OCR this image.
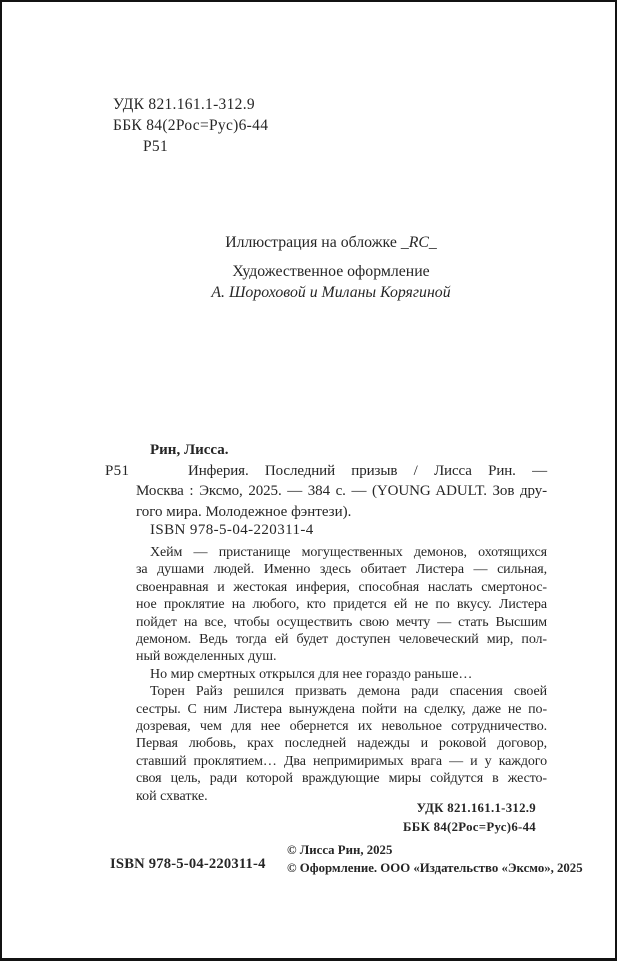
УДК 821.161.1-312.9
ББК 84(2Рос=Рус)6-44
Р51
Иллюстрация на обложке _RC_
Художественное оформление
А. Шороховой и Миланы Корягиной
Рин, Лисса.
Р51	Инферия. Последний призыв / Лисса Рин. —
Москва : Эксмо, 2025. — 384 с. — (YOUNG ADULT. Зов дру-
гого мира. Молодежное фэнтези).
ISBN 978-5-04-220311-4
Хейм — пристанище могущественных демонов, охотящихся
за душами людей. Именно здесь обитает Листера — сильная,
своенравная и жестокая инферия, способная наслать смертонос-
ное проклятие на любого, кто придется ей не по вкусу. Листера
пойдет на все, чтобы осуществить свою мечту — стать Высшим
демоном. Ведь тогда ей будет доступен человеческий мир, пол-
ный вожделенных душ.
Но мир смертных открылся для нее гораздо раньше…
Торен Райз решился призвать демона ради спасения своей
сестры. С ним Листера вынуждена пойти на сделку, даже не по-
дозревая, чем для нее обернется их невольное сотрудничество.
Первая любовь, крах последней надежды и роковой договор,
ставший проклятием… Два непримиримых врага — и у каждого
своя цель, ради которой враждующие миры сойдутся в жесто-
кой схватке.
УДК 821.161.1-312.9
ББК 84(2Рос=Рус)6-44
ISBN 978-5-04-220311-4
© Лисса Рин, 2025
© Оформление. ООО «Издательство «Эксмо», 2025
